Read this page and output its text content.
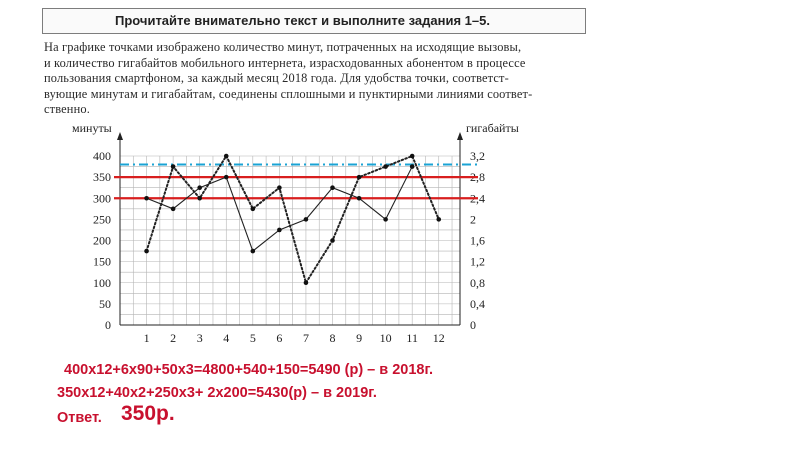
Прочитайте внимательно текст и выполните задания 1–5.
На графике точками изображено количество минут, потраченных на исходящие вызовы,
и количество гигабайтов мобильного интернета, израсходованных абонентом в процессе
пользования смартфоном, за каждый месяц 2018 года. Для удобства точки, соответст-
вующие минутам и гигабайтам, соединены сплошными и пунктирными линиями соответ-
ственно.
минуты	гигабайты
0
50
100
150
200
250
300
350
400
0
0,4
0,8
1,2
1,6
2
2,4
2,8
3,2
1 2 3 4 5 6 7 8 9 10 11 12
400х12+6х90+50х3=4800+540+150=5490 (р) – в 2018г.
350х12+40х2+250х3+ 2х200=5430(р) – в 2019г.
Ответ. 350р.
